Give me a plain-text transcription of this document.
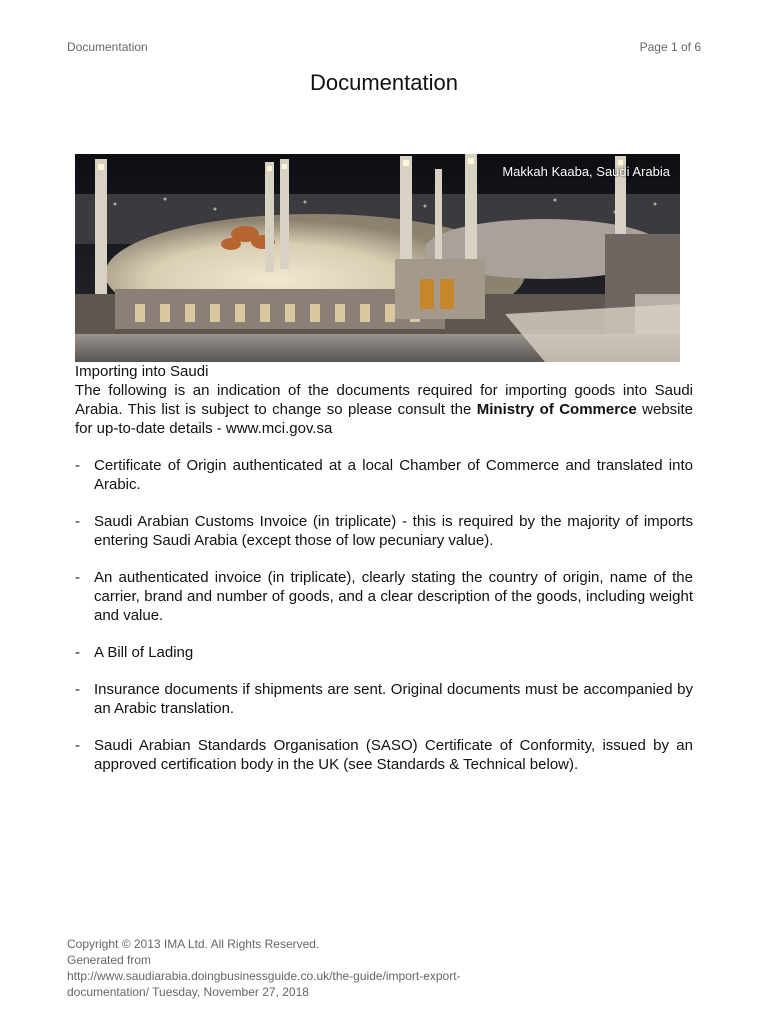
Documentation	Page 1 of 6
Documentation
Makkah Kaaba, Saudi Arabia

Importing into Saudi

The following is an indication of the documents required for importing goods into Saudi Arabia. This list is subject to change so please consult the Ministry of Commerce website for up-to-date details - www.mci.gov.sa

- Certificate of Origin authenticated at a local Chamber of Commerce and translated into Arabic.
- Saudi Arabian Customs Invoice (in triplicate) - this is required by the majority of imports entering Saudi Arabia (except those of low pecuniary value).
- An authenticated invoice (in triplicate), clearly stating the country of origin, name of the carrier, brand and number of goods, and a clear description of the goods, including weight and value.
- A Bill of Lading
- Insurance documents if shipments are sent. Original documents must be accompanied by an Arabic translation.
- Saudi Arabian Standards Organisation (SASO) Certificate of Conformity, issued by an approved certification body in the UK (see Standards & Technical below).
Copyright © 2013 IMA Ltd. All Rights Reserved.
Generated from
http://www.saudiarabia.doingbusinessguide.co.uk/the-guide/import-export-
documentation/ Tuesday, November 27, 2018
